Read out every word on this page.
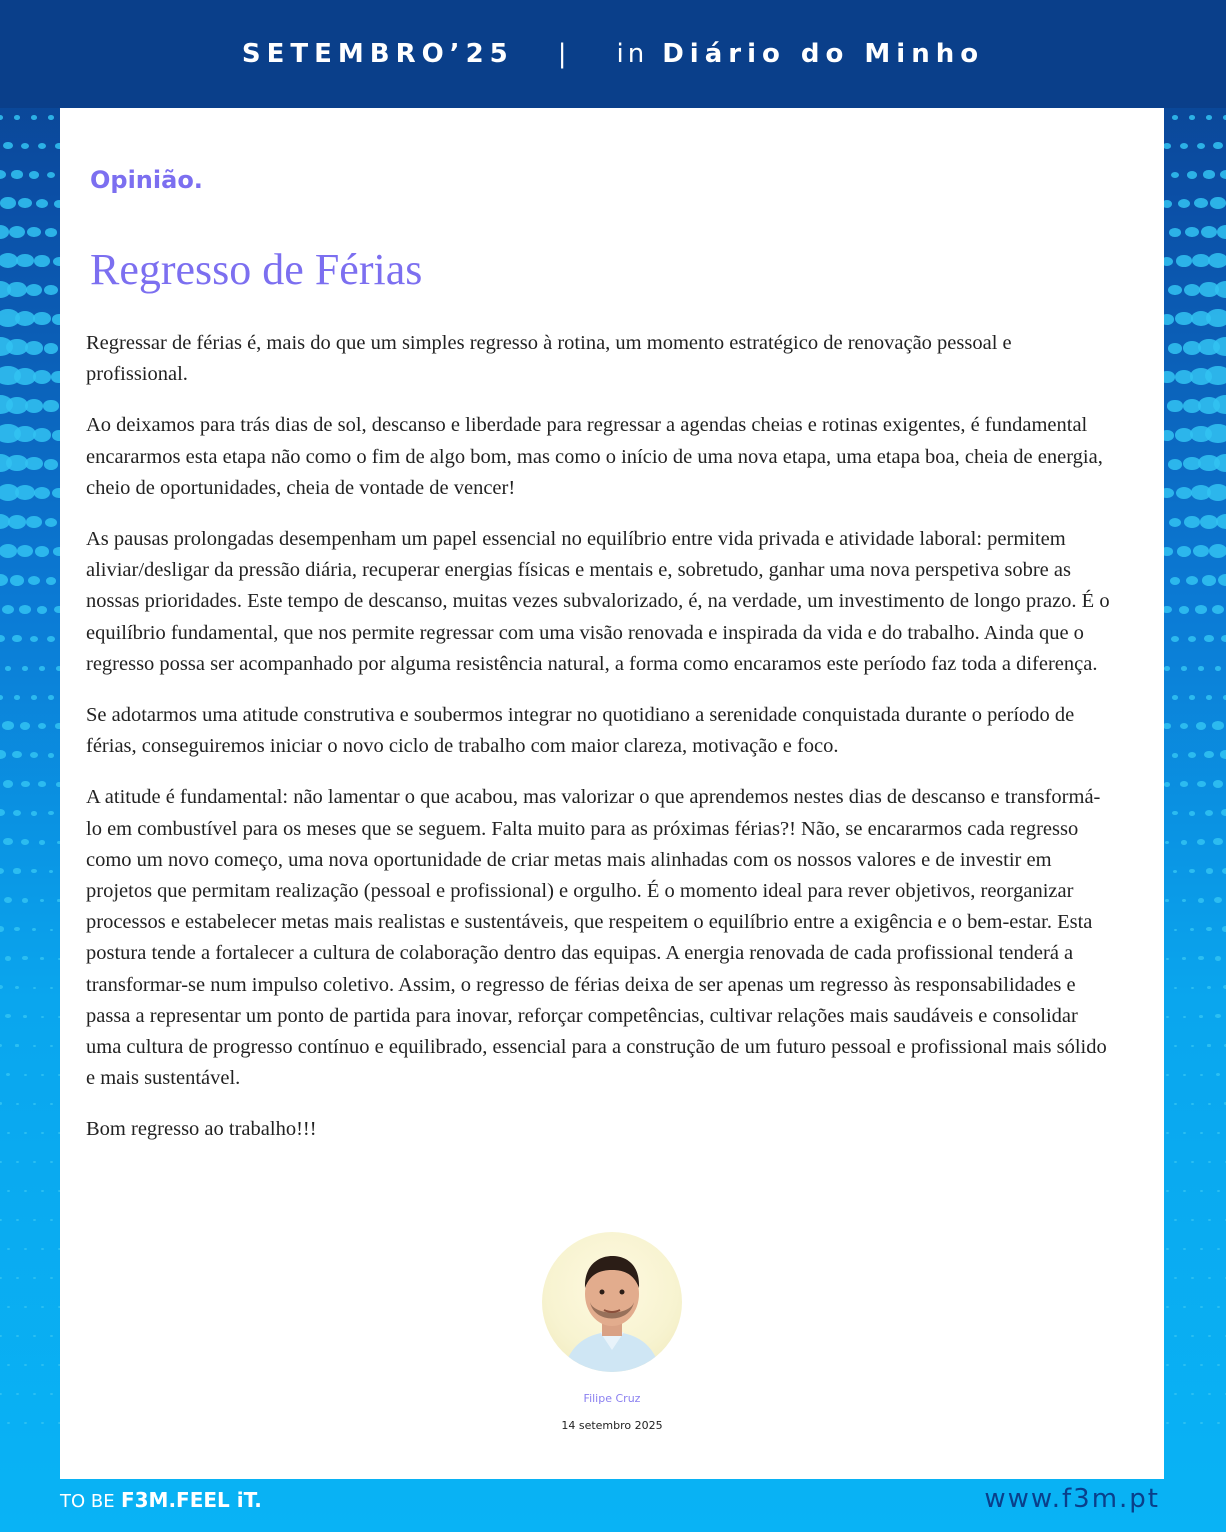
SETEMBRO’25 | in Diário do Minho
Opinião.
Regresso de Férias

Regressar de férias é, mais do que um simples regresso à rotina, um momento estratégico de renovação pessoal e profissional.

Ao deixamos para trás dias de sol, descanso e liberdade para regressar a agendas cheias e rotinas exigentes, é fundamental encararmos esta etapa não como o fim de algo bom, mas como o início de uma nova etapa, uma etapa boa, cheia de energia, cheio de oportunidades, cheia de vontade de vencer!

As pausas prolongadas desempenham um papel essencial no equilíbrio entre vida privada e atividade laboral: permitem aliviar/desligar da pressão diária, recuperar energias físicas e mentais e, sobretudo, ganhar uma nova perspetiva sobre as nossas prioridades. Este tempo de descanso, muitas vezes subvalorizado, é, na verdade, um investimento de longo prazo. É o equilíbrio fundamental, que nos permite regressar com uma visão renovada e inspirada da vida e do trabalho. Ainda que o regresso possa ser acompanhado por alguma resistência natural, a forma como encaramos este período faz toda a diferença.

Se adotarmos uma atitude construtiva e soubermos integrar no quotidiano a serenidade conquistada durante o período de férias, conseguiremos iniciar o novo ciclo de trabalho com maior clareza, motivação e foco.

A atitude é fundamental: não lamentar o que acabou, mas valorizar o que aprendemos nestes dias de descanso e transformá-lo em combustível para os meses que se seguem. Falta muito para as próximas férias?! Não, se encararmos cada regresso como um novo começo, uma nova oportunidade de criar metas mais alinhadas com os nossos valores e de investir em projetos que permitam realização (pessoal e profissional) e orgulho. É o momento ideal para rever objetivos, reorganizar processos e estabelecer metas mais realistas e sustentáveis, que respeitem o equilíbrio entre a exigência e o bem-estar. Esta postura tende a fortalecer a cultura de colaboração dentro das equipas. A energia renovada de cada profissional tenderá a transformar-se num impulso coletivo. Assim, o regresso de férias deixa de ser apenas um regresso às responsabilidades e passa a representar um ponto de partida para inovar, reforçar competências, cultivar relações mais saudáveis e consolidar uma cultura de progresso contínuo e equilibrado, essencial para a construção de um futuro pessoal e profissional mais sólido e mais sustentável.

Bom regresso ao trabalho!!!

Filipe Cruz
14 setembro 2025
TO BE F3M.FEEL iT.	www.f3m.pt
